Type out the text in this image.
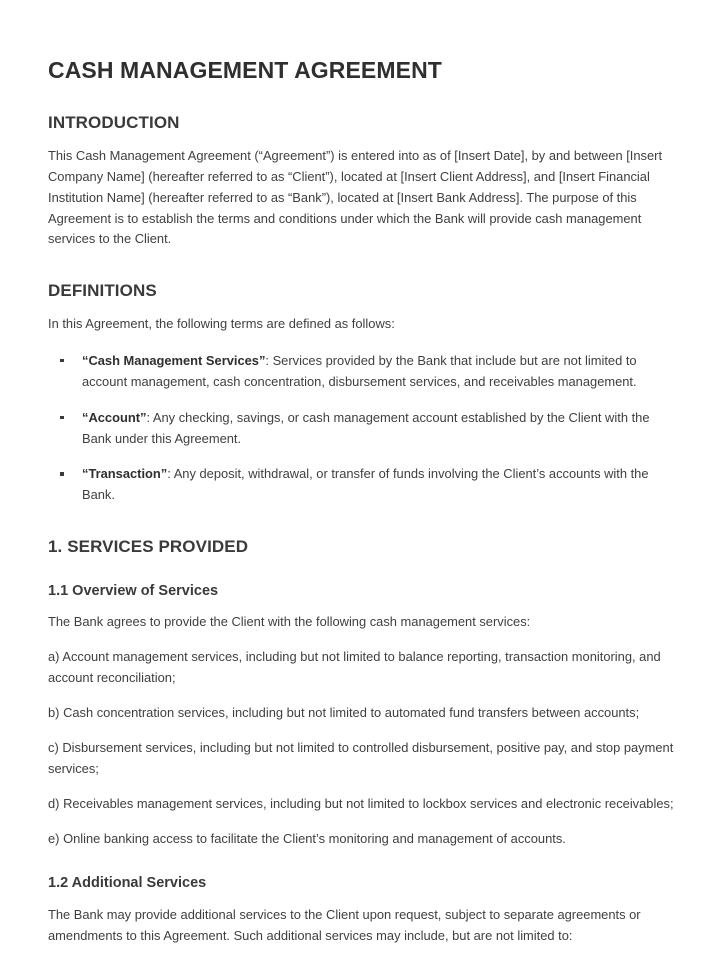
CASH MANAGEMENT AGREEMENT
INTRODUCTION

This Cash Management Agreement (“Agreement”) is entered into as of [Insert Date], by and between [Insert Company Name] (hereafter referred to as “Client”), located at [Insert Client Address], and [Insert Financial Institution Name] (hereafter referred to as “Bank”), located at [Insert Bank Address]. The purpose of this Agreement is to establish the terms and conditions under which the Bank will provide cash management services to the Client.

DEFINITIONS

In this Agreement, the following terms are defined as follows:

“Cash Management Services”: Services provided by the Bank that include but are not limited to account management, cash concentration, disbursement services, and receivables management.
“Account”: Any checking, savings, or cash management account established by the Client with the Bank under this Agreement.
“Transaction”: Any deposit, withdrawal, or transfer of funds involving the Client’s accounts with the Bank.
1. SERVICES PROVIDED
1.1 Overview of Services

The Bank agrees to provide the Client with the following cash management services:

a) Account management services, including but not limited to balance reporting, transaction monitoring, and account reconciliation;

b) Cash concentration services, including but not limited to automated fund transfers between accounts;

c) Disbursement services, including but not limited to controlled disbursement, positive pay, and stop payment services;

d) Receivables management services, including but not limited to lockbox services and electronic receivables;

e) Online banking access to facilitate the Client’s monitoring and management of accounts.

1.2 Additional Services

The Bank may provide additional services to the Client upon request, subject to separate agreements or amendments to this Agreement. Such additional services may include, but are not limited to:
